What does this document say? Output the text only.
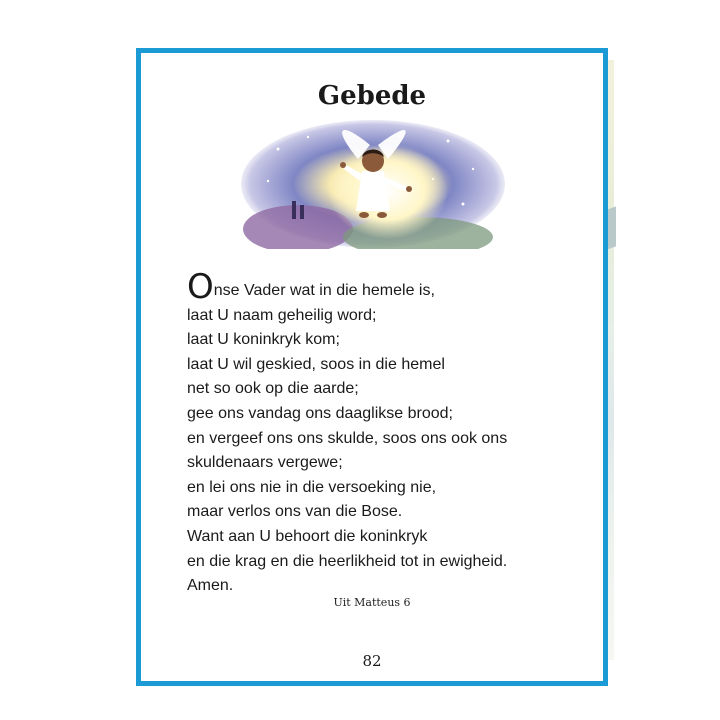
Gebede
Onse Vader wat in die hemele is,
laat U naam geheilig word;
laat U koninkryk kom;
laat U wil geskied, soos in die hemel
net so ook op die aarde;
gee ons vandag ons daaglikse brood;
en vergeef ons ons skulde, soos ons ook ons
skuldenaars vergewe;
en lei ons nie in die versoeking nie,
maar verlos ons van die Bose.
Want aan U behoort die koninkryk
en die krag en die heerlikheid tot in ewigheid.
Amen.
Uit Matteus 6
82
